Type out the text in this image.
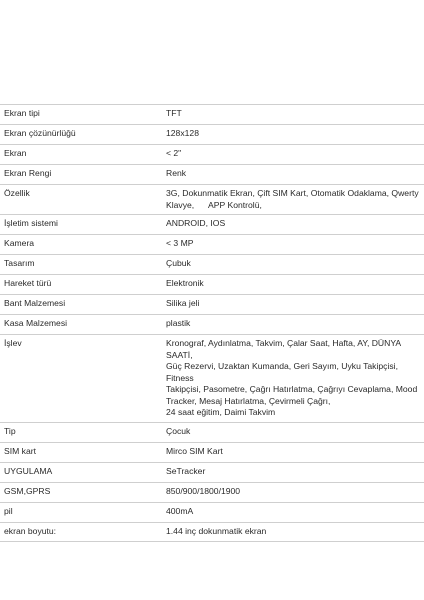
Ekran tipi	TFT
Ekran çözünürlüğü	128x128
Ekran	< 2"
Ekran Rengi	Renk
Özellik	3G, Dokunmatik Ekran, Çift SIM Kart, Otomatik Odaklama, Qwerty
Klavye,      APP Kontrolü,
İşletim sistemi	ANDROID, IOS
Kamera	< 3 MP
Tasarım	Çubuk
Hareket türü	Elektronik
Bant Malzemesi	Silika jeli
Kasa Malzemesi	plastik
İşlev	Kronograf, Aydınlatma, Takvim, Çalar Saat, Hafta, AY, DÜNYA SAATİ,
Güç Rezervi, Uzaktan Kumanda, Geri Sayım, Uyku Takipçisi, Fitness
Takipçisi, Pasometre, Çağrı Hatırlatma, Çağrıyı Cevaplama, Mood
Tracker, Mesaj Hatırlatma, Çevirmeli Çağrı,
24 saat eğitim, Daimi Takvim
Tip	Çocuk
SIM kart	Mirco SIM Kart
UYGULAMA	SeTracker
GSM,GPRS	850/900/1800/1900
pil	400mA
ekran boyutu:	1.44 inç dokunmatik ekran
